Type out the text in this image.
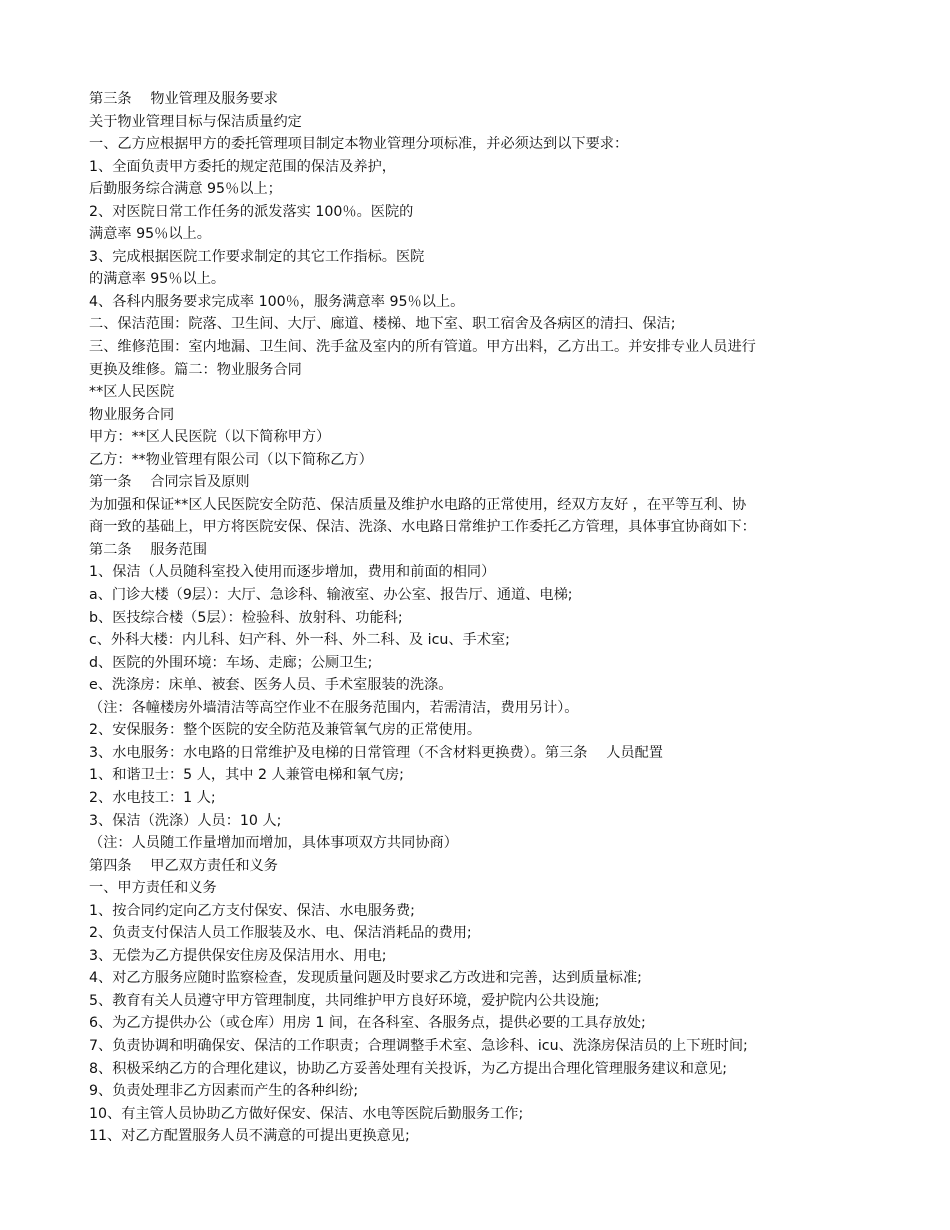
第三条　 物业管理及服务要求
关于物业管理目标与保洁质量约定
一、乙方应根据甲方的委托管理项目制定本物业管理分项标准，并必须达到以下要求：
1、全面负责甲方委托的规定范围的保洁及养护，
后勤服务综合满意 95％以上；
2、对医院日常工作任务的派发落实 100％。医院的
满意率 95％以上。
3、完成根据医院工作要求制定的其它工作指标。医院
的满意率 95％以上。
4、各科内服务要求完成率 100％，服务满意率 95％以上。
二、保洁范围：院落、卫生间、大厅、廊道、楼梯、地下室、职工宿舍及各病区的清扫、保洁;
三、维修范围：室内地漏、卫生间、洗手盆及室内的所有管道。甲方出料，乙方出工。并安排专业人员进行
更换及维修。篇二：物业服务合同
**区人民医院
物业服务合同
甲方：**区人民医院（以下简称甲方）
乙方：**物业管理有限公司（以下简称乙方）
第一条　 合同宗旨及原则
为加强和保证**区人民医院安全防范、保洁质量及维护水电路的正常使用，经双方友好 ，在平等互利、协
商一致的基础上，甲方将医院安保、保洁、洗涤、水电路日常维护工作委托乙方管理，具体事宜协商如下：
第二条　 服务范围
1、保洁（人员随科室投入使用而逐步增加，费用和前面的相同）
a、门诊大楼（9层）：大厅、急诊科、输液室、办公室、报告厅、通道、电梯;
b、医技综合楼（5层）：检验科、放射科、功能科;
c、外科大楼：内儿科、妇产科、外一科、外二科、及 icu、手术室;
d、医院的外围环境：车场、走廊；公厕卫生;
e、洗涤房：床单、被套、医务人员、手术室服装的洗涤。
（注：各幢楼房外墙清洁等高空作业不在服务范围内，若需清洁，费用另计）。
2、安保服务：整个医院的安全防范及兼管氧气房的正常使用。
3、水电服务：水电路的日常维护及电梯的日常管理（不含材料更换费）。第三条　 人员配置
1、和谐卫士：5 人，其中 2 人兼管电梯和氧气房;
2、水电技工：1 人;
3、保洁（洗涤）人员：10 人;
（注：人员随工作量增加而增加，具体事项双方共同协商）
第四条　 甲乙双方责任和义务
一、甲方责任和义务
1、按合同约定向乙方支付保安、保洁、水电服务费;
2、负责支付保洁人员工作服装及水、电、保洁消耗品的费用;
3、无偿为乙方提供保安住房及保洁用水、用电;
4、对乙方服务应随时监察检查，发现质量问题及时要求乙方改进和完善，达到质量标准;
5、教育有关人员遵守甲方管理制度，共同维护甲方良好环境，爱护院内公共设施;
6、为乙方提供办公（或仓库）用房 1 间，在各科室、各服务点，提供必要的工具存放处;
7、负责协调和明确保安、保洁的工作职责；合理调整手术室、急诊科、icu、洗涤房保洁员的上下班时间;
8、积极采纳乙方的合理化建议，协助乙方妥善处理有关投诉，为乙方提出合理化管理服务建议和意见;
9、负责处理非乙方因素而产生的各种纠纷;
10、有主管人员协助乙方做好保安、保洁、水电等医院后勤服务工作;
11、对乙方配置服务人员不满意的可提出更换意见;
